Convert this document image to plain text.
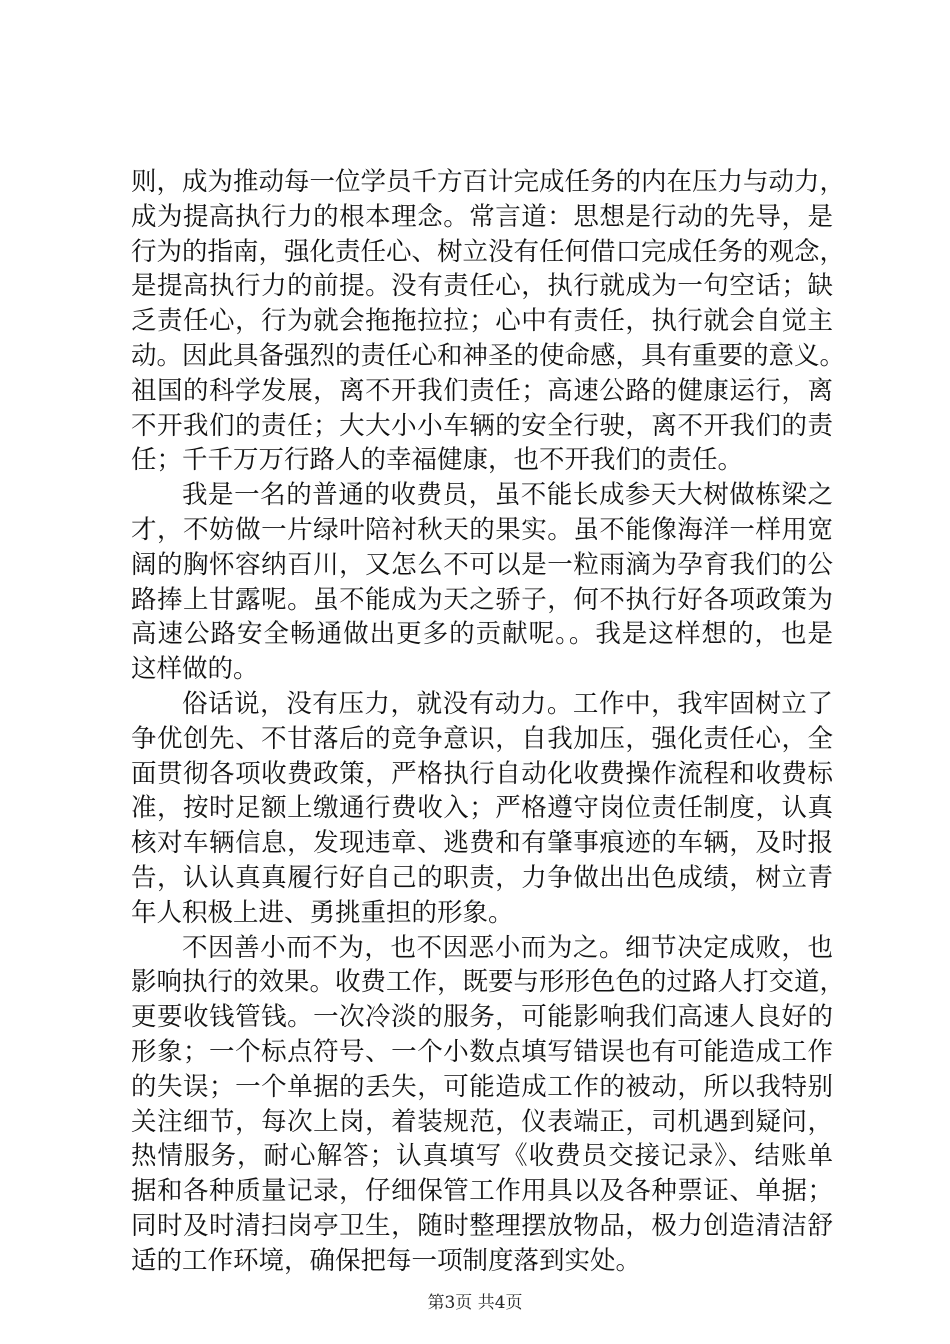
则，成为推动每一位学员千方百计完成任务的内在压力与动力，
成为提高执行力的根本理念。常言道：思想是行动的先导，是
行为的指南，强化责任心、树立没有任何借口完成任务的观念，
是提高执行力的前提。没有责任心，执行就成为一句空话；缺
乏责任心，行为就会拖拖拉拉；心中有责任，执行就会自觉主
动。因此具备强烈的责任心和神圣的使命感，具有重要的意义。
祖国的科学发展，离不开我们责任；高速公路的健康运行，离
不开我们的责任；大大小小车辆的安全行驶，离不开我们的责
任；千千万万行路人的幸福健康，也不开我们的责任。
我是一名的普通的收费员，虽不能长成参天大树做栋梁之
才，不妨做一片绿叶陪衬秋天的果实。虽不能像海洋一样用宽
阔的胸怀容纳百川，又怎么不可以是一粒雨滴为孕育我们的公
路捧上甘露呢。虽不能成为天之骄子，何不执行好各项政策为
高速公路安全畅通做出更多的贡献呢。。我是这样想的，也是
这样做的。
俗话说，没有压力，就没有动力。工作中，我牢固树立了
争优创先、不甘落后的竞争意识，自我加压，强化责任心，全
面贯彻各项收费政策，严格执行自动化收费操作流程和收费标
准，按时足额上缴通行费收入；严格遵守岗位责任制度，认真
核对车辆信息，发现违章、逃费和有肇事痕迹的车辆，及时报
告，认认真真履行好自己的职责，力争做出出色成绩，树立青
年人积极上进、勇挑重担的形象。
不因善小而不为，也不因恶小而为之。细节决定成败，也
影响执行的效果。收费工作，既要与形形色色的过路人打交道，
更要收钱管钱。一次冷淡的服务，可能影响我们高速人良好的
形象；一个标点符号、一个小数点填写错误也有可能造成工作
的失误；一个单据的丢失，可能造成工作的被动，所以我特别
关注细节，每次上岗，着装规范，仪表端正，司机遇到疑问，
热情服务，耐心解答；认真填写《收费员交接记录》、结账单
据和各种质量记录，仔细保管工作用具以及各种票证、单据；
同时及时清扫岗亭卫生，随时整理摆放物品，极力创造清洁舒
适的工作环境，确保把每一项制度落到实处。
第3页 共4页
